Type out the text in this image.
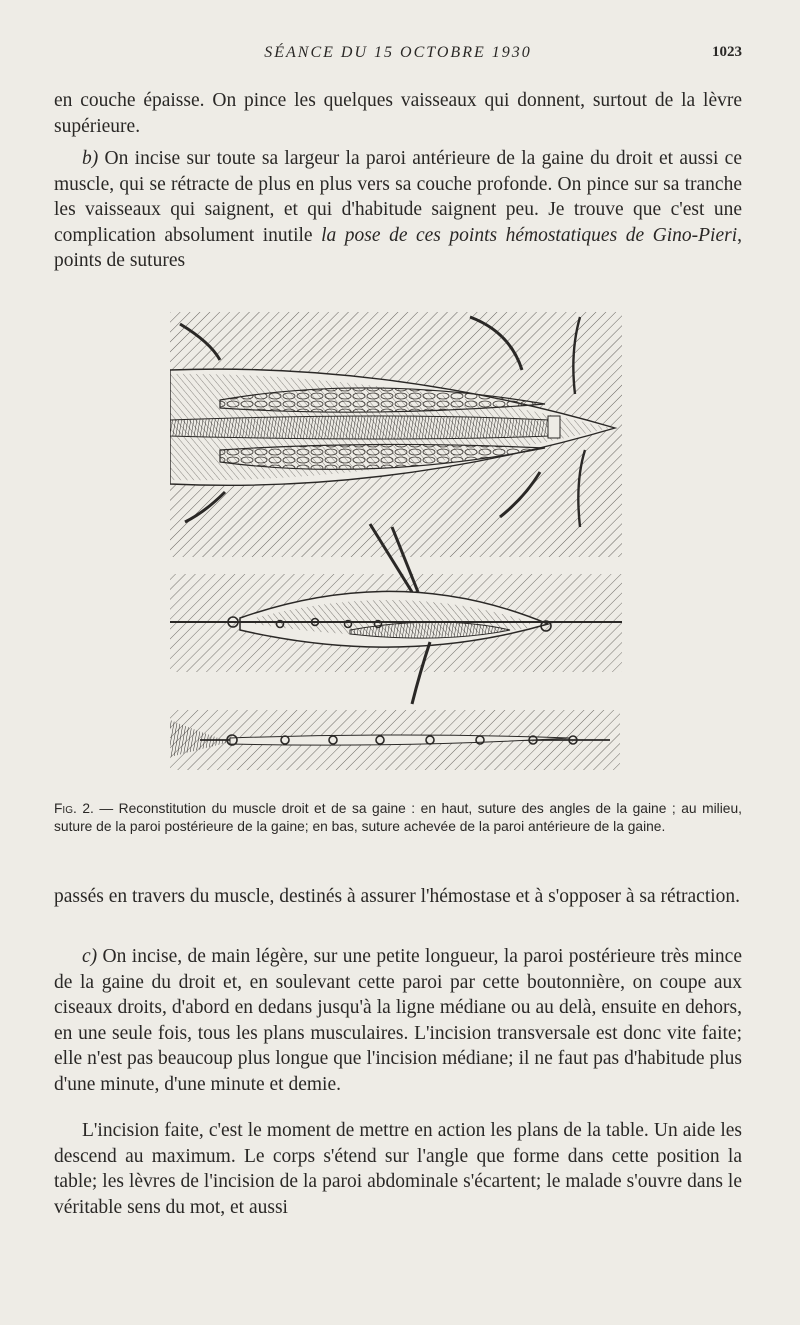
SÉANCE DU 15 OCTOBRE 1930	1023

en couche épaisse. On pince les quelques vaisseaux qui donnent, surtout de la lèvre supérieure.

b) On incise sur toute sa largeur la paroi antérieure de la gaine du droit et aussi ce muscle, qui se rétracte de plus en plus vers sa couche profonde. On pince sur sa tranche les vaisseaux qui saignent, et qui d'habitude saignent peu. Je trouve que c'est une complication absolument inutile la pose de ces points hémostatiques de Gino-Pieri, points de sutures

Fig. 2. — Reconstitution du muscle droit et de sa gaine : en haut, suture des angles de la gaine ; au milieu, suture de la paroi postérieure de la gaine; en bas, suture achevée de la paroi antérieure de la gaine.

passés en travers du muscle, destinés à assurer l'hémostase et à s'opposer à sa rétraction.

c) On incise, de main légère, sur une petite longueur, la paroi postérieure très mince de la gaine du droit et, en soulevant cette paroi par cette boutonnière, on coupe aux ciseaux droits, d'abord en dedans jusqu'à la ligne médiane ou au delà, ensuite en dehors, en une seule fois, tous les plans musculaires. L'incision transversale est donc vite faite; elle n'est pas beaucoup plus longue que l'incision médiane; il ne faut pas d'habitude plus d'une minute, d'une minute et demie.

L'incision faite, c'est le moment de mettre en action les plans de la table. Un aide les descend au maximum. Le corps s'étend sur l'angle que forme dans cette position la table; les lèvres de l'incision de la paroi abdominale s'écartent; le malade s'ouvre dans le véritable sens du mot, et aussi
